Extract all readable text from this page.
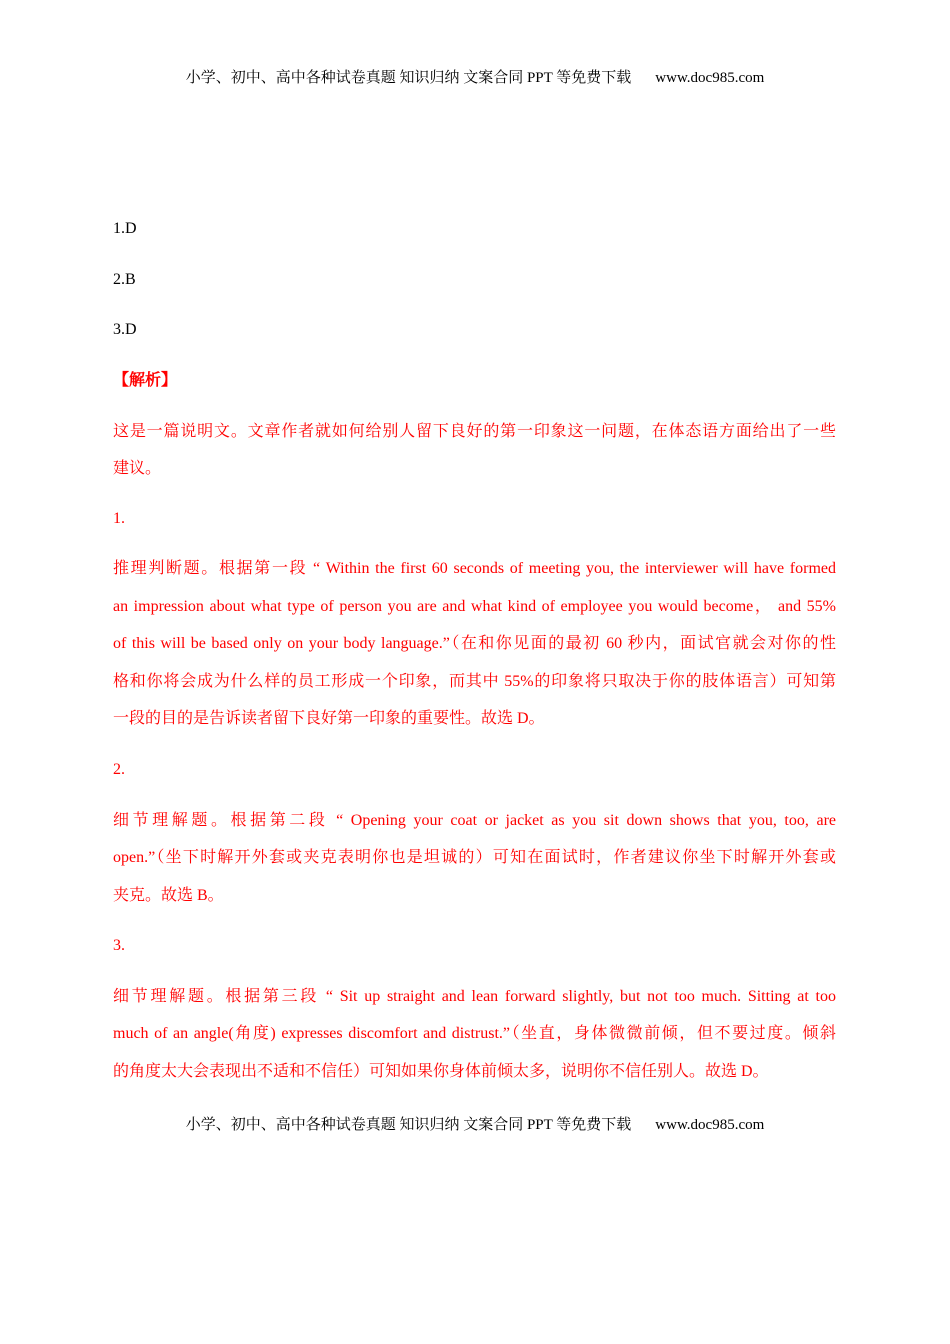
小学、初中、高中各种试卷真题 知识归纳 文案合同 PPT 等免费下载 www.doc985.com
1.D
2.B
3.D
【解析】
这是一篇说明文。文章作者就如何给别人留下良好的第一印象这一问题，在体态语方面给出了一些
建议。
1.
推理判断题。根据第一段 “ Within the first 60 seconds of meeting you, the interviewer will have formed
an impression about what type of person you are and what kind of employee you would become， and 55%
of this will be based only on your body language.”（在和你见面的最初 60 秒内，面试官就会对你的性
格和你将会成为什么样的员工形成一个印象，而其中 55%的印象将只取决于你的肢体语言）可知第
一段的目的是告诉读者留下良好第一印象的重要性。故选 D。
2.
细节理解题。根据第二段 “ Opening your coat or jacket as you sit down shows that you, too, are
open.”（坐下时解开外套或夹克表明你也是坦诚的）可知在面试时，作者建议你坐下时解开外套或
夹克。故选 B。
3.
细节理解题。根据第三段 “ Sit up straight and lean forward slightly, but not too much. Sitting at too
much of an angle(角度) expresses discomfort and distrust.”（坐直，身体微微前倾，但不要过度。倾斜
的角度太大会表现出不适和不信任）可知如果你身体前倾太多，说明你不信任别人。故选 D。
小学、初中、高中各种试卷真题 知识归纳 文案合同 PPT 等免费下载 www.doc985.com
